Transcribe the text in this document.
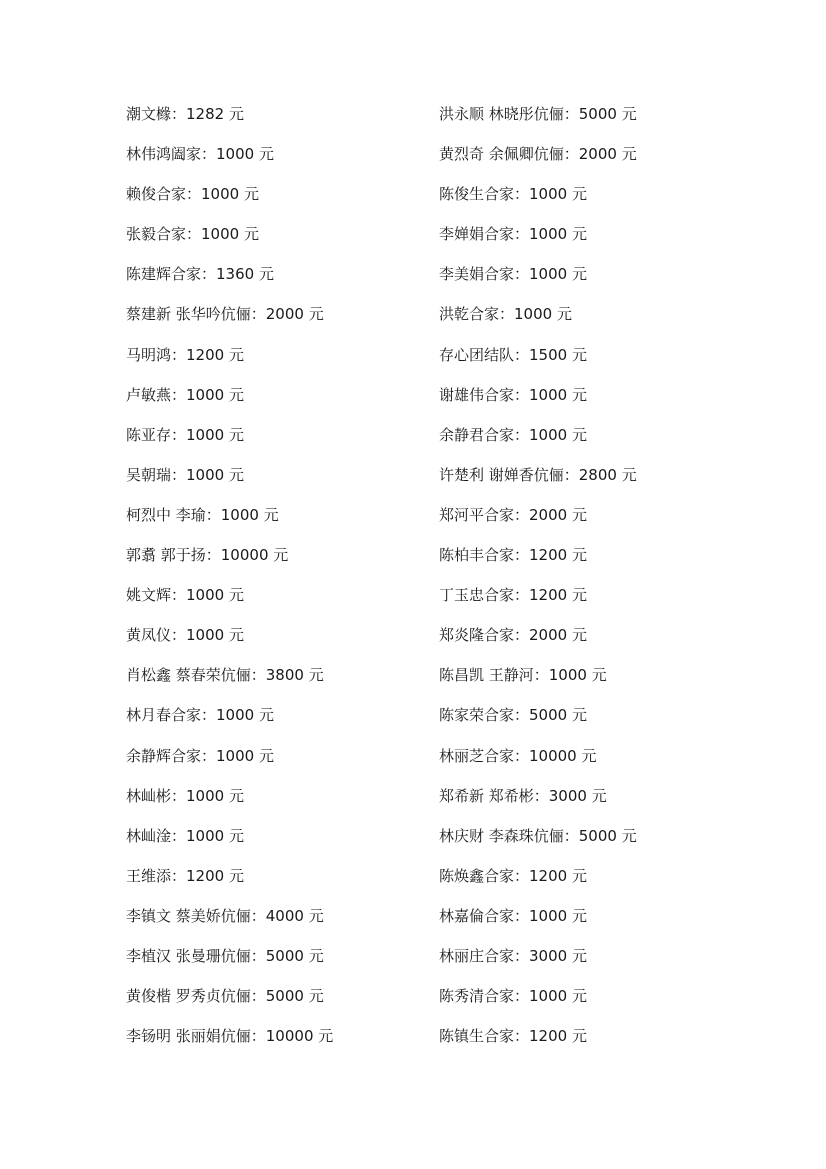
潮文橼：1282 元
林伟鸿阖家：1000 元
赖俊合家：1000 元
张毅合家：1000 元
陈建辉合家：1360 元
蔡建新 张华吟伉俪：2000 元
马明鸿：1200 元
卢敏燕：1000 元
陈亚存：1000 元
吴朝瑞：1000 元
柯烈中 李瑜：1000 元
郭翥 郭于扬：10000 元
姚文辉：1000 元
黄凤仪：1000 元
肖松鑫 蔡春荣伉俪：3800 元
林月春合家：1000 元
余静辉合家：1000 元
林屾彬：1000 元
林屾淦：1000 元
王维添：1200 元
李镇文 蔡美娇伉俪：4000 元
李植汉 张曼珊伉俪：5000 元
黄俊楷 罗秀贞伉俪：5000 元
李钖明 张丽娟伉俪：10000 元
洪永顺 林晓彤伉俪：5000 元
黄烈奇 余佩卿伉俪：2000 元
陈俊生合家：1000 元
李婵娟合家：1000 元
李美娟合家：1000 元
洪乾合家：1000 元
存心团结队：1500 元
谢雄伟合家：1000 元
余静君合家：1000 元
许楚利 谢婵香伉俪：2800 元
郑河平合家：2000 元
陈柏丰合家：1200 元
丁玉忠合家：1200 元
郑炎隆合家：2000 元
陈昌凯 王静河：1000 元
陈家荣合家：5000 元
林丽芝合家：10000 元
郑希新 郑希彬：3000 元
林庆财 李森珠伉俪：5000 元
陈焕鑫合家：1200 元
林嘉倫合家：1000 元
林丽庄合家：3000 元
陈秀清合家：1000 元
陈镇生合家：1200 元
